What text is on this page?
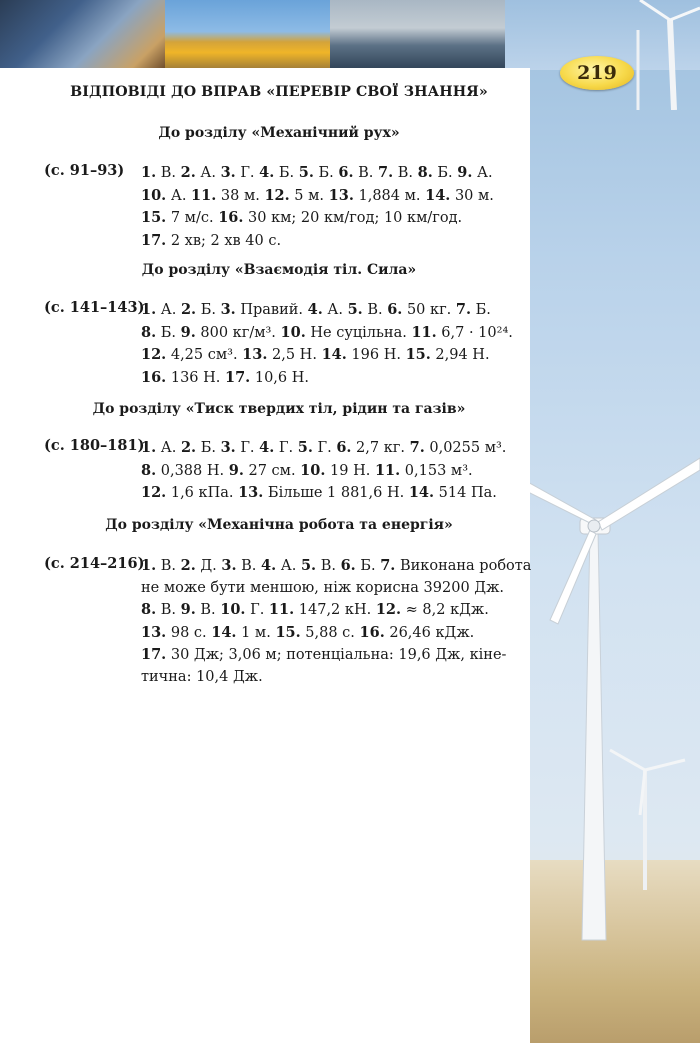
219
ВІДПОВІДІ ДО ВПРАВ «ПЕРЕВІР СВОЇ ЗНАННЯ»
До розділу «Механічний рух»
(с. 91–93) 1. В. 2. А. 3. Г. 4. Б. 5. Б. 6. В. 7. В. 8. Б. 9. А.
10. А. 11. 38 м. 12. 5 м. 13. 1,884 м. 14. 30 м.
15. 7 м/с. 16. 30 км; 20 км/год; 10 км/год.
17. 2 хв; 2 хв 40 с.
До розділу «Взаємодія тіл. Сила»
(с. 141–143)
1. А. 2. Б. 3. Правий. 4. А. 5. В. 6. 50 кг. 7. Б.
8. Б. 9. 800 кг/м³. 10. Не суцільна. 11. 6,7 · 10²⁴.
12. 4,25 см³. 13. 2,5 Н. 14. 196 Н. 15. 2,94 Н.
16. 136 Н. 17. 10,6 Н.
До розділу «Тиск твердих тіл, рідин та газів»
(с. 180–181)
1. А. 2. Б. 3. Г. 4. Г. 5. Г. 6. 2,7 кг. 7. 0,0255 м³.
8. 0,388 Н. 9. 27 см. 10. 19 Н. 11. 0,153 м³.
12. 1,6 кПа. 13. Більше 1 881,6 Н. 14. 514 Па.
До розділу «Механічна робота та енергія»
(с. 214–216)
1. В. 2. Д. 3. В. 4. А. 5. В. 6. Б. 7. Виконана робота
не може бути меншою, ніж корисна 39200 Дж.
8. В. 9. В. 10. Г. 11. 147,2 кН. 12. ≈ 8,2 кДж.
13. 98 с. 14. 1 м. 15. 5,88 с. 16. 26,46 кДж.
17. 30 Дж; 3,06 м; потенціальна: 19,6 Дж, кіне-
тична: 10,4 Дж.
